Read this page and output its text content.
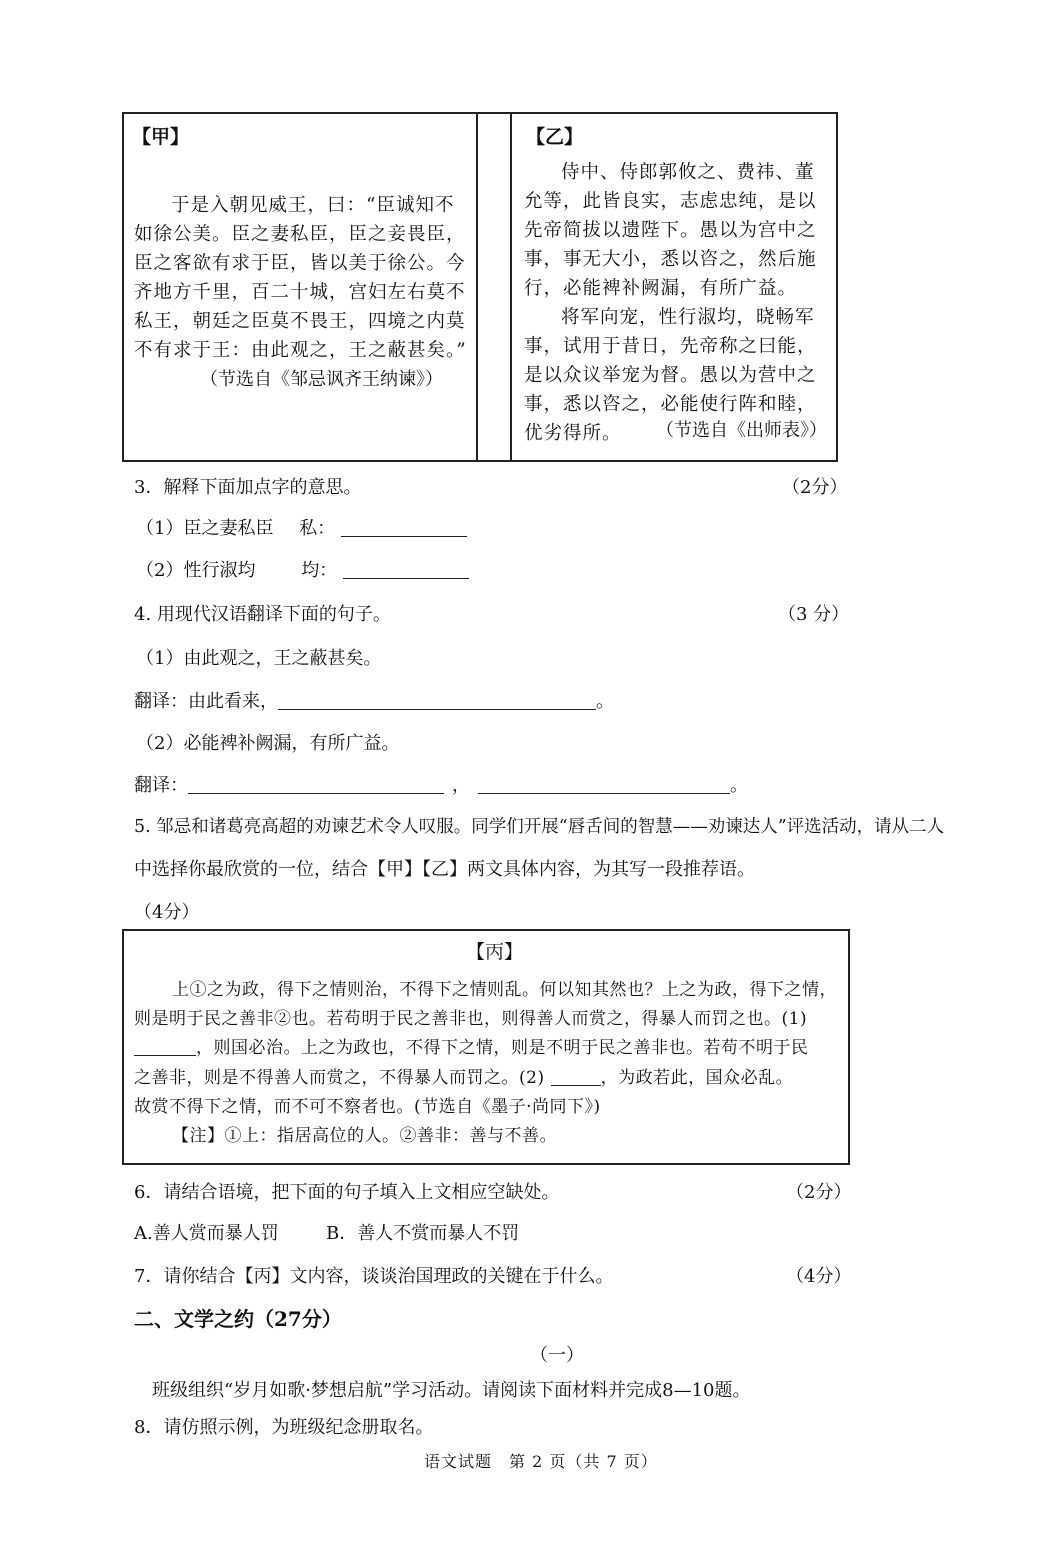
【甲】
于是入朝见威王，曰：“臣诚知不如徐公美。臣之妻私臣，臣之妾畏臣，臣之客欲有求于臣，皆以美于徐公。今齐地方千里，百二十城，宫妇左右莫不私王，朝廷之臣莫不畏王，四境之内莫不有求于王：由此观之，王之蔽甚矣。”
（节选自《邹忌讽齐王纳谏》）
【乙】
侍中、侍郎郭攸之、费祎、董允等，此皆良实，志虑忠纯，是以先帝简拔以遗陛下。愚以为宫中之事，事无大小，悉以咨之，然后施行，必能裨补阙漏，有所广益。
将军向宠，性行淑均，晓畅军事，试用于昔日，先帝称之曰能，是以众议举宠为督。愚以为营中之事，悉以咨之，必能使行阵和睦，优劣得所。	（节选自《出师表》）
3．解释下面加点字的意思。	（2分）
（1）臣之妻私臣 私：
（2）性行淑均	均：
4. 用现代汉语翻译下面的句子。	（3 分）
（1）由此观之，王之蔽甚矣。
翻译：由此看来，	。
（2）必能裨补阙漏，有所广益。
翻译：	，	。
5. 邹忌和诸葛亮高超的劝谏艺术令人叹服。同学们开展“唇舌间的智慧——劝谏达人”评选活动，请从二人
中选择你最欣赏的一位，结合【甲】【乙】两文具体内容，为其写一段推荐语。
（4分）
【丙】
上①之为政，得下之情则治，不得下之情则乱。何以知其然也？上之为政，得下之情，
则是明于民之善非②也。若苟明于民之善非也，则得善人而赏之，得暴人而罚之也。(1)
，则国必治。上之为政也，不得下之情，则是不明于民之善非也。若苟不明于民
之善非，则是不得善人而赏之，不得暴人而罚之。(2)	，为政若此，国众必乱。
故赏不得下之情，而不可不察者也。(节选自《墨子·尚同下》)
【注】①上：指居高位的人。②善非：善与不善。
6．请结合语境，把下面的句子填入上文相应空缺处。	（2分）
A.善人赏而暴人罚	B．善人不赏而暴人不罚
7．请你结合【丙】文内容，谈谈治国理政的关键在于什么。	（4分）
二、文学之约（27分）
（一）
班级组织“岁月如歌·梦想启航”学习活动。请阅读下面材料并完成8—10题。
8．请仿照示例，为班级纪念册取名。
语文试题　第 2 页（共 7 页）
